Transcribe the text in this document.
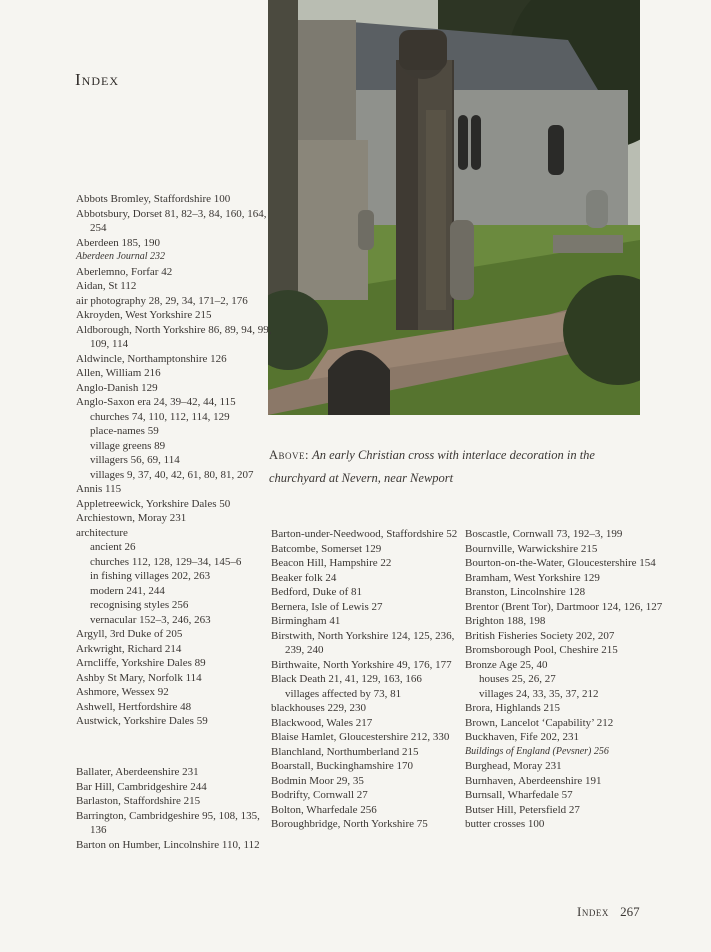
Index
Above: An early Christian cross with interlace decoration in the churchyard at Nevern, near Newport

Abbots Bromley, Staffordshire 100

Abbotsbury, Dorset 81, 82–3, 84, 160, 164, 254

Aberdeen 185, 190

Aberdeen Journal 232

Aberlemno, Forfar 42

Aidan, St 112

air photography 28, 29, 34, 171–2, 176

Akroyden, West Yorkshire 215

Aldborough, North Yorkshire 86, 89, 94, 99, 109, 114

Aldwincle, Northamptonshire 126

Allen, William 216

Anglo-Danish 129

Anglo-Saxon era 24, 39–42, 44, 115

churches 74, 110, 112, 114, 129

place-names 59

village greens 89

villagers 56, 69, 114

villages 9, 37, 40, 42, 61, 80, 81, 207

Annis 115

Appletreewick, Yorkshire Dales 50

Archiestown, Moray 231

architecture

ancient 26

churches 112, 128, 129–34, 145–6

in fishing villages 202, 263

modern 241, 244

recognising styles 256

vernacular 152–3, 246, 263

Argyll, 3rd Duke of 205

Arkwright, Richard 214

Arncliffe, Yorkshire Dales 89

Ashby St Mary, Norfolk 114

Ashmore, Wessex 92

Ashwell, Hertfordshire 48

Austwick, Yorkshire Dales 59

Ballater, Aberdeenshire 231

Bar Hill, Cambridgeshire 244

Barlaston, Staffordshire 215

Barrington, Cambridgeshire 95, 108, 135, 136

Barton on Humber, Lincolnshire 110, 112

Barton-under-Needwood, Staffordshire 52

Batcombe, Somerset 129

Beacon Hill, Hampshire 22

Beaker folk 24

Bedford, Duke of 81

Bernera, Isle of Lewis 27

Birmingham 41

Birstwith, North Yorkshire 124, 125, 236, 239, 240

Birthwaite, North Yorkshire 49, 176, 177

Black Death 21, 41, 129, 163, 166

villages affected by 73, 81

blackhouses 229, 230

Blackwood, Wales 217

Blaise Hamlet, Gloucestershire 212, 330

Blanchland, Northumberland 215

Boarstall, Buckinghamshire 170

Bodmin Moor 29, 35

Bodrifty, Cornwall 27

Bolton, Wharfedale 256

Boroughbridge, North Yorkshire 75

Boscastle, Cornwall 73, 192–3, 199

Bournville, Warwickshire 215

Bourton-on-the-Water, Gloucestershire 154

Bramham, West Yorkshire 129

Branston, Lincolnshire 128

Brentor (Brent Tor), Dartmoor 124, 126, 127

Brighton 188, 198

British Fisheries Society 202, 207

Bromsborough Pool, Cheshire 215

Bronze Age 25, 40

houses 25, 26, 27

villages 24, 33, 35, 37, 212

Brora, Highlands 215

Brown, Lancelot ‘Capability’ 212

Buckhaven, Fife 202, 231

Buildings of England (Pevsner) 256

Burghead, Moray 231

Burnhaven, Aberdeenshire 191

Burnsall, Wharfedale 57

Butser Hill, Petersfield 27

butter crosses 100

Index 267
